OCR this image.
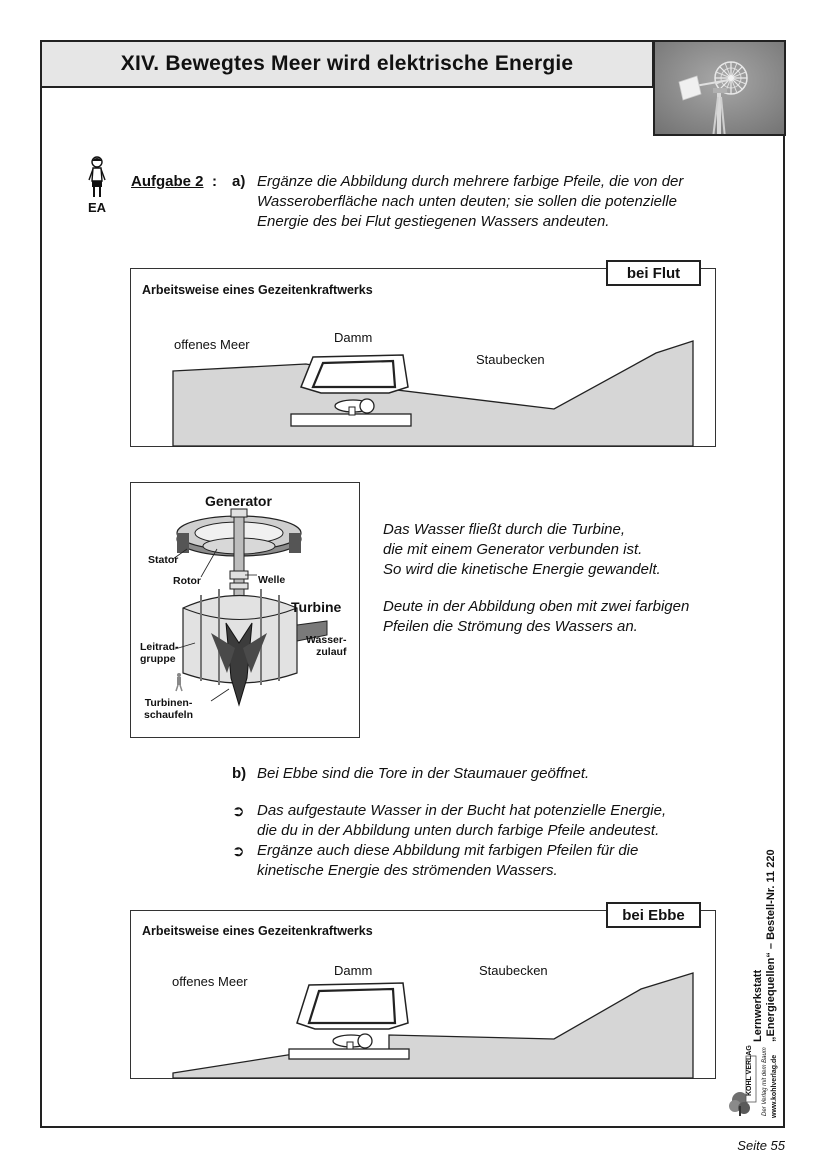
XIV. Bewegtes Meer wird elektrische Energie
EA
Aufgabe 2 : a) Ergänze die Abbildung durch mehrere farbige Pfeile, die von der
Wasseroberfläche nach unten deuten; sie sollen die potenzielle
Energie des bei Flut gestiegenen Wassers andeuten.
Arbeitsweise eines Gezeitenkraftwerks
offenes Meer	Damm
Staubecken
bei Flut
Generator
Stator
Rotor	Welle
Turbine
Leitrad-
gruppe
Wasser-
zulauf
Turbinen-
schaufeln
Das Wasser fließt durch die Turbine,
die mit einem Generator verbunden ist.
So wird die kinetische Energie gewandelt.
Deute in der Abbildung oben mit zwei farbigen
Pfeilen die Strömung des Wassers an.
b) Bei Ebbe sind die Tore in der Staumauer geöffnet.
➲ Das aufgestaute Wasser in der Bucht hat potenzielle Energie,
die du in der Abbildung unten durch farbige Pfeile andeutest.
➲ Ergänze auch diese Abbildung mit farbigen Pfeilen für die
kinetische Energie des strömenden Wassers.
Arbeitsweise eines Gezeitenkraftwerks
offenes Meer
Damm	Staubecken
bei Ebbe
Lernwerkstatt „Energiequellen“ – Bestell-Nr. 11 220
KOHL VERLAG Der Verlag mit dem Baum www.kohlverlag.de
Seite 55
